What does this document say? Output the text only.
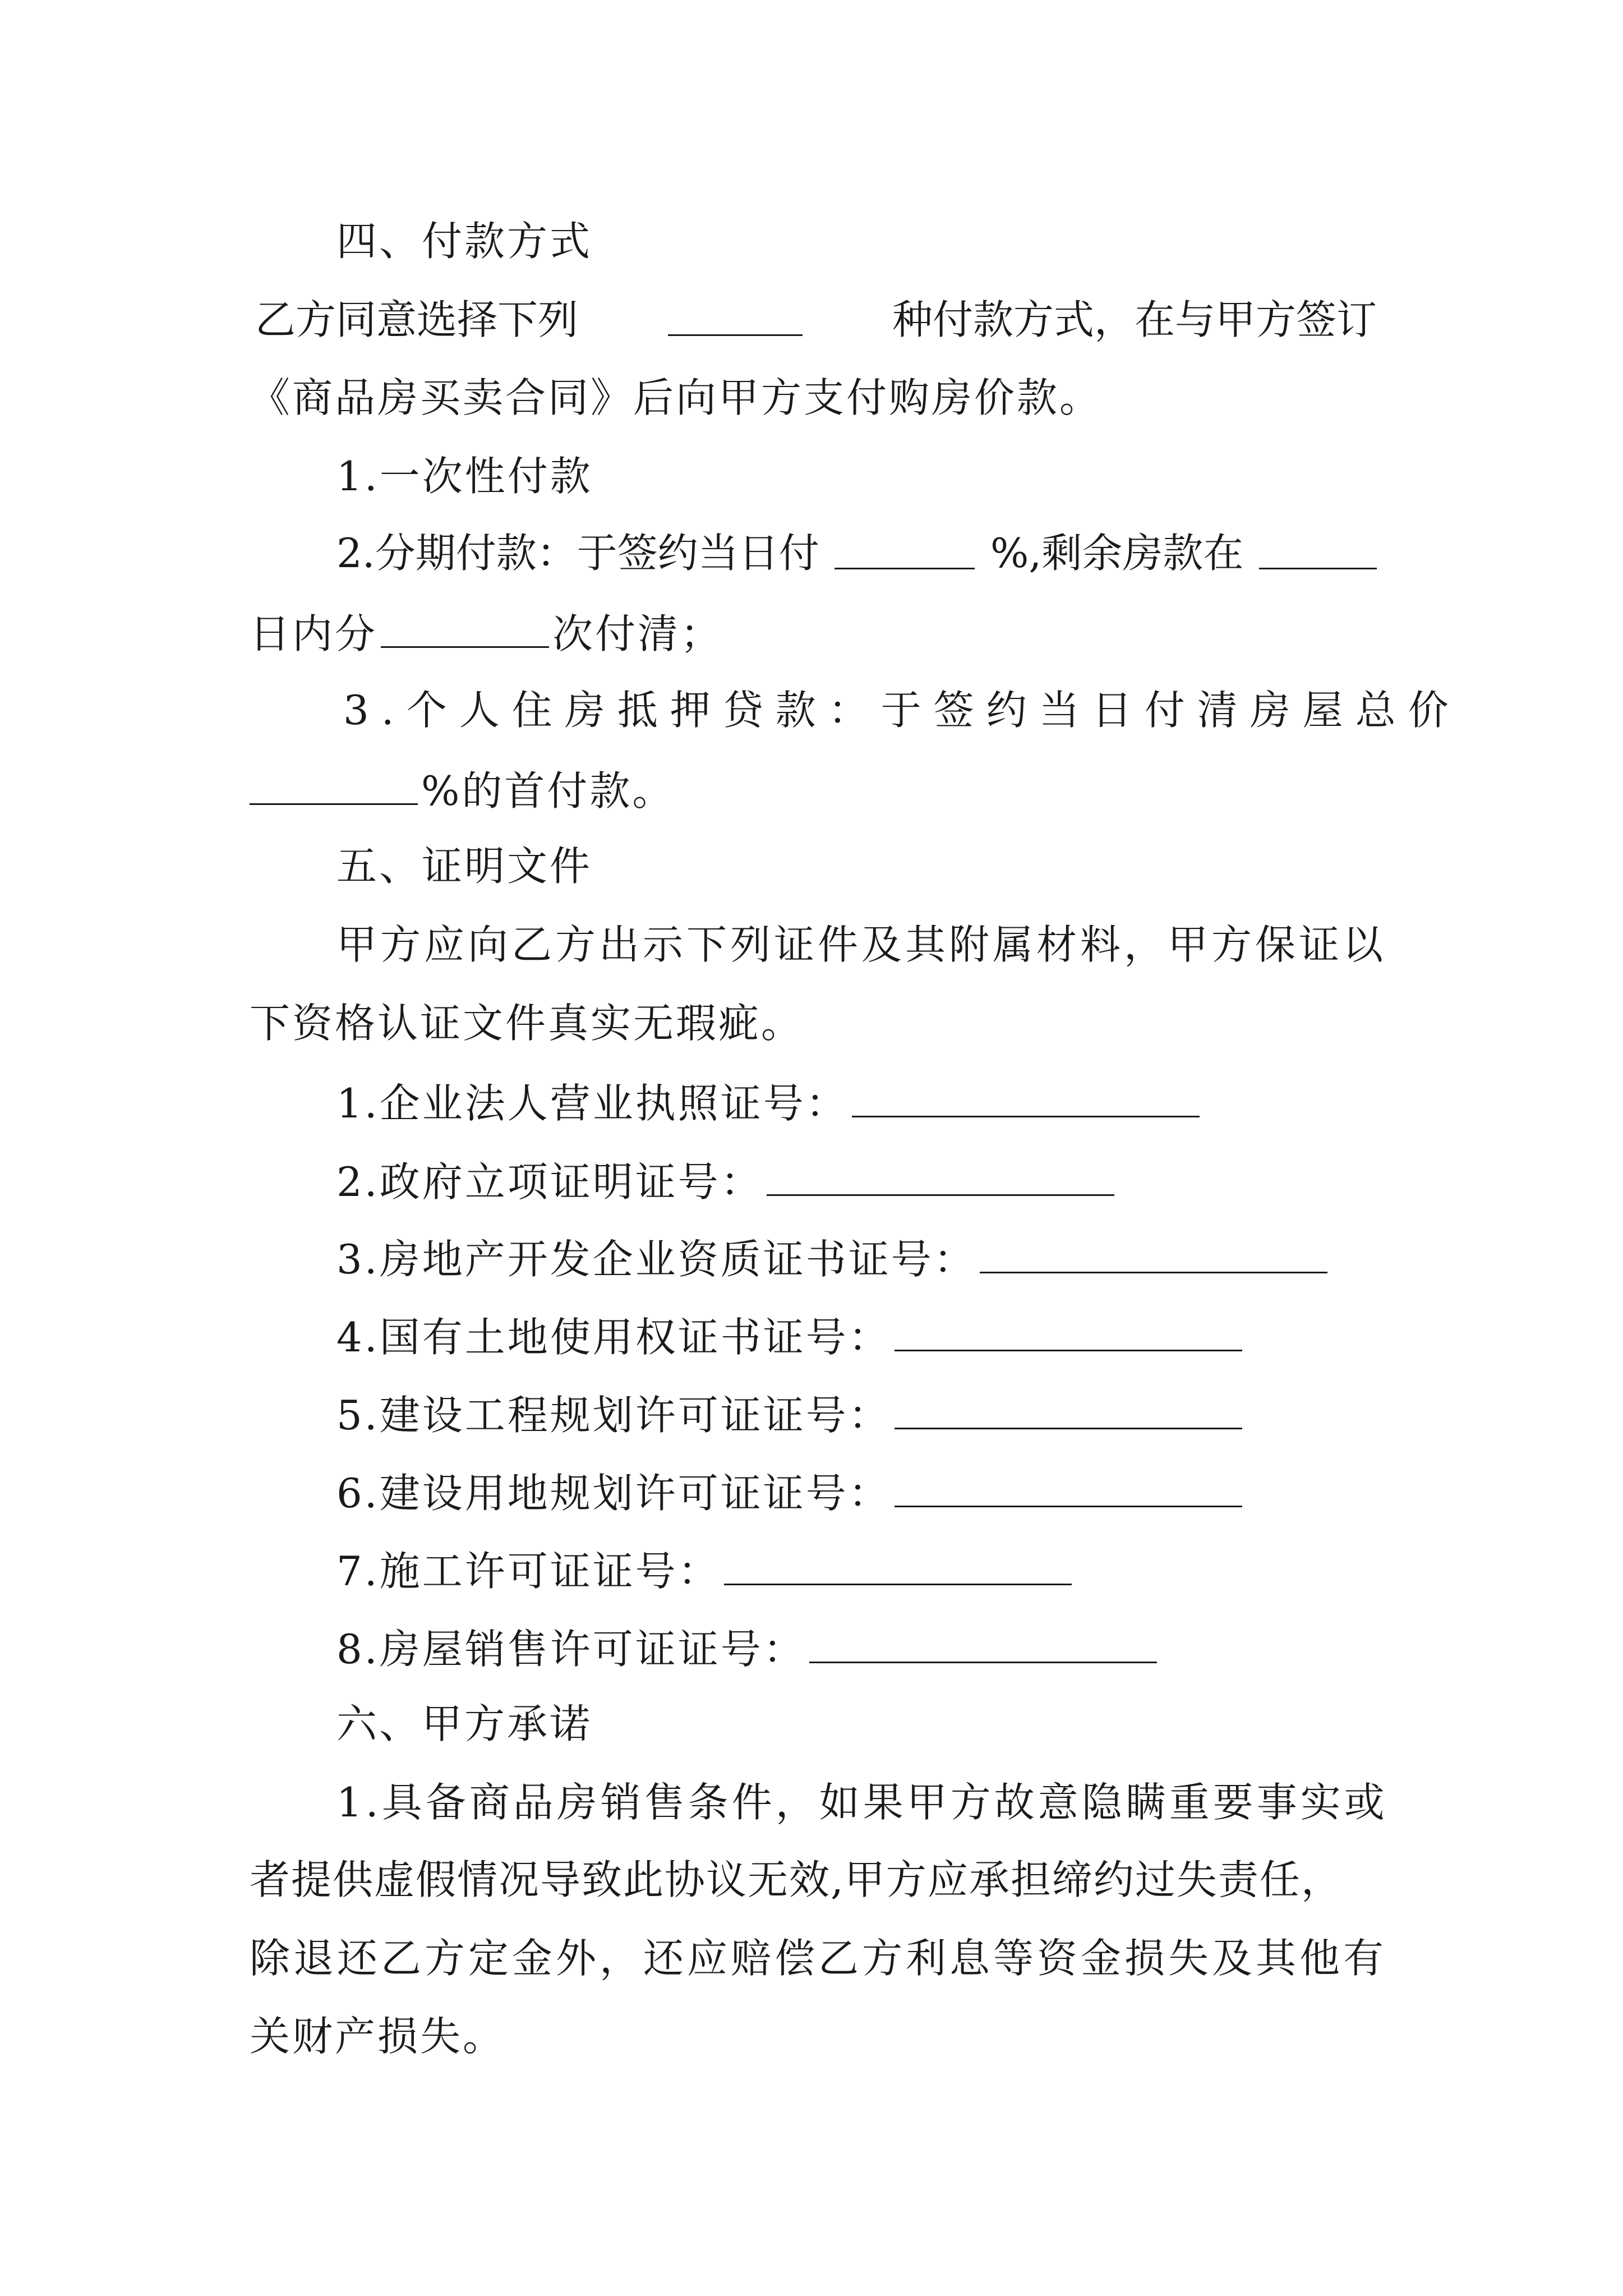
四、付款方式
乙方同意选择下列	种付款方式，在与甲方签订
《商品房买卖合同》后向甲方支付购房价款。
1.一次性付款
2.分期付款：于签约当日付	%,剩余房款在
日内分	次付清；
3.个人住房抵押贷款：于签约当日付清房屋总价
%的首付款。
五、证明文件
甲方应向乙方出示下列证件及其附属材料，甲方保证以
下资格认证文件真实无瑕疵。
1.企业法人营业执照证号：
2.政府立项证明证号：
3.房地产开发企业资质证书证号：
4.国有土地使用权证书证号：
5.建设工程规划许可证证号：
6.建设用地规划许可证证号：
7.施工许可证证号：
8.房屋销售许可证证号：
六、甲方承诺
1.具备商品房销售条件，如果甲方故意隐瞒重要事实或
者提供虚假情况导致此协议无效,甲方应承担缔约过失责任，
除退还乙方定金外，还应赔偿乙方利息等资金损失及其他有
关财产损失。
